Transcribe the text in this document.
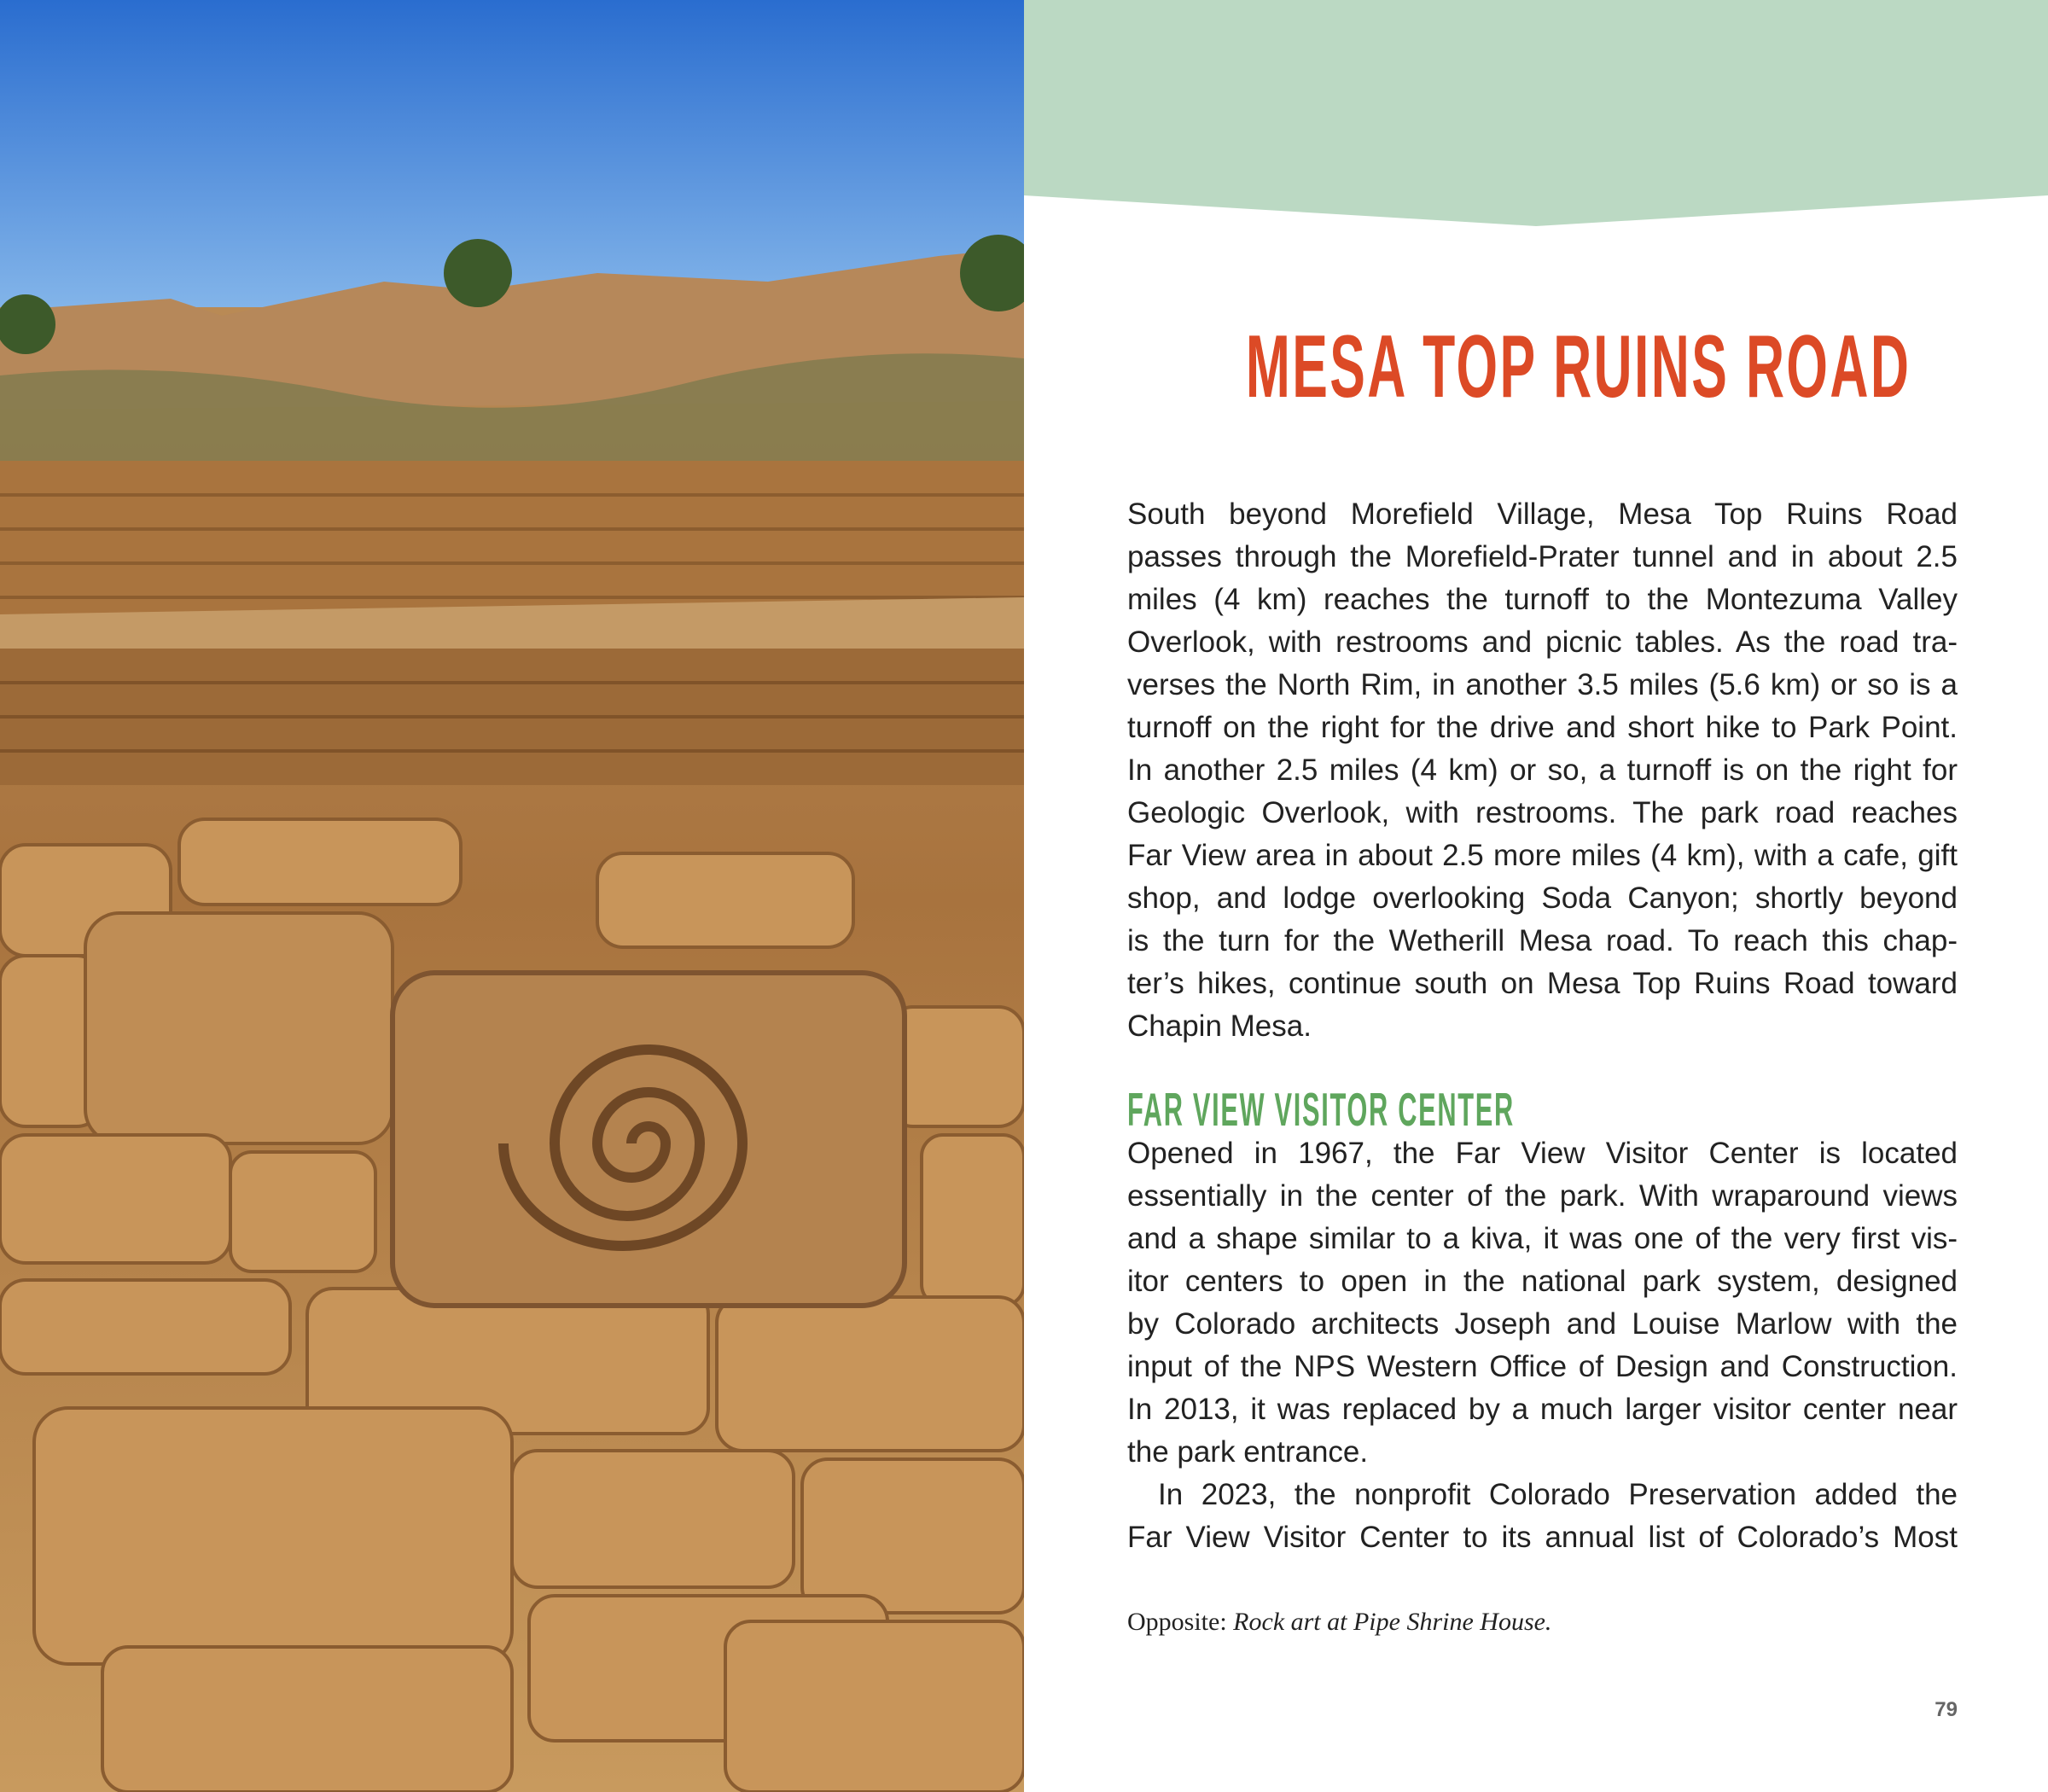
MESA TOP RUINS ROAD
South beyond Morefield Village, Mesa Top Ruins Road
passes through the Morefield-Prater tunnel and in about 2.5
miles (4 km) reaches the turnoff to the Montezuma Valley
Overlook, with restrooms and picnic tables. As the road tra-
verses the North Rim, in another 3.5 miles (5.6 km) or so is a
turnoff on the right for the drive and short hike to Park Point.
In another 2.5 miles (4 km) or so, a turnoff is on the right for
Geologic Overlook, with restrooms. The park road reaches
Far View area in about 2.5 more miles (4 km), with a cafe, gift
shop, and lodge overlooking Soda Canyon; shortly beyond
is the turn for the Wetherill Mesa road. To reach this chap-
ter’s hikes, continue south on Mesa Top Ruins Road toward
Chapin Mesa.
FAR VIEW VISITOR CENTER
Opened in 1967, the Far View Visitor Center is located
essentially in the center of the park. With wraparound views
and a shape similar to a kiva, it was one of the very first vis-
itor centers to open in the national park system, designed
by Colorado architects Joseph and Louise Marlow with the
input of the NPS Western Office of Design and Construction.
In 2013, it was replaced by a much larger visitor center near
the park entrance.
In 2023, the nonprofit Colorado Preservation added the
Far View Visitor Center to its annual list of Colorado’s Most
Opposite: Rock art at Pipe Shrine House.
79
